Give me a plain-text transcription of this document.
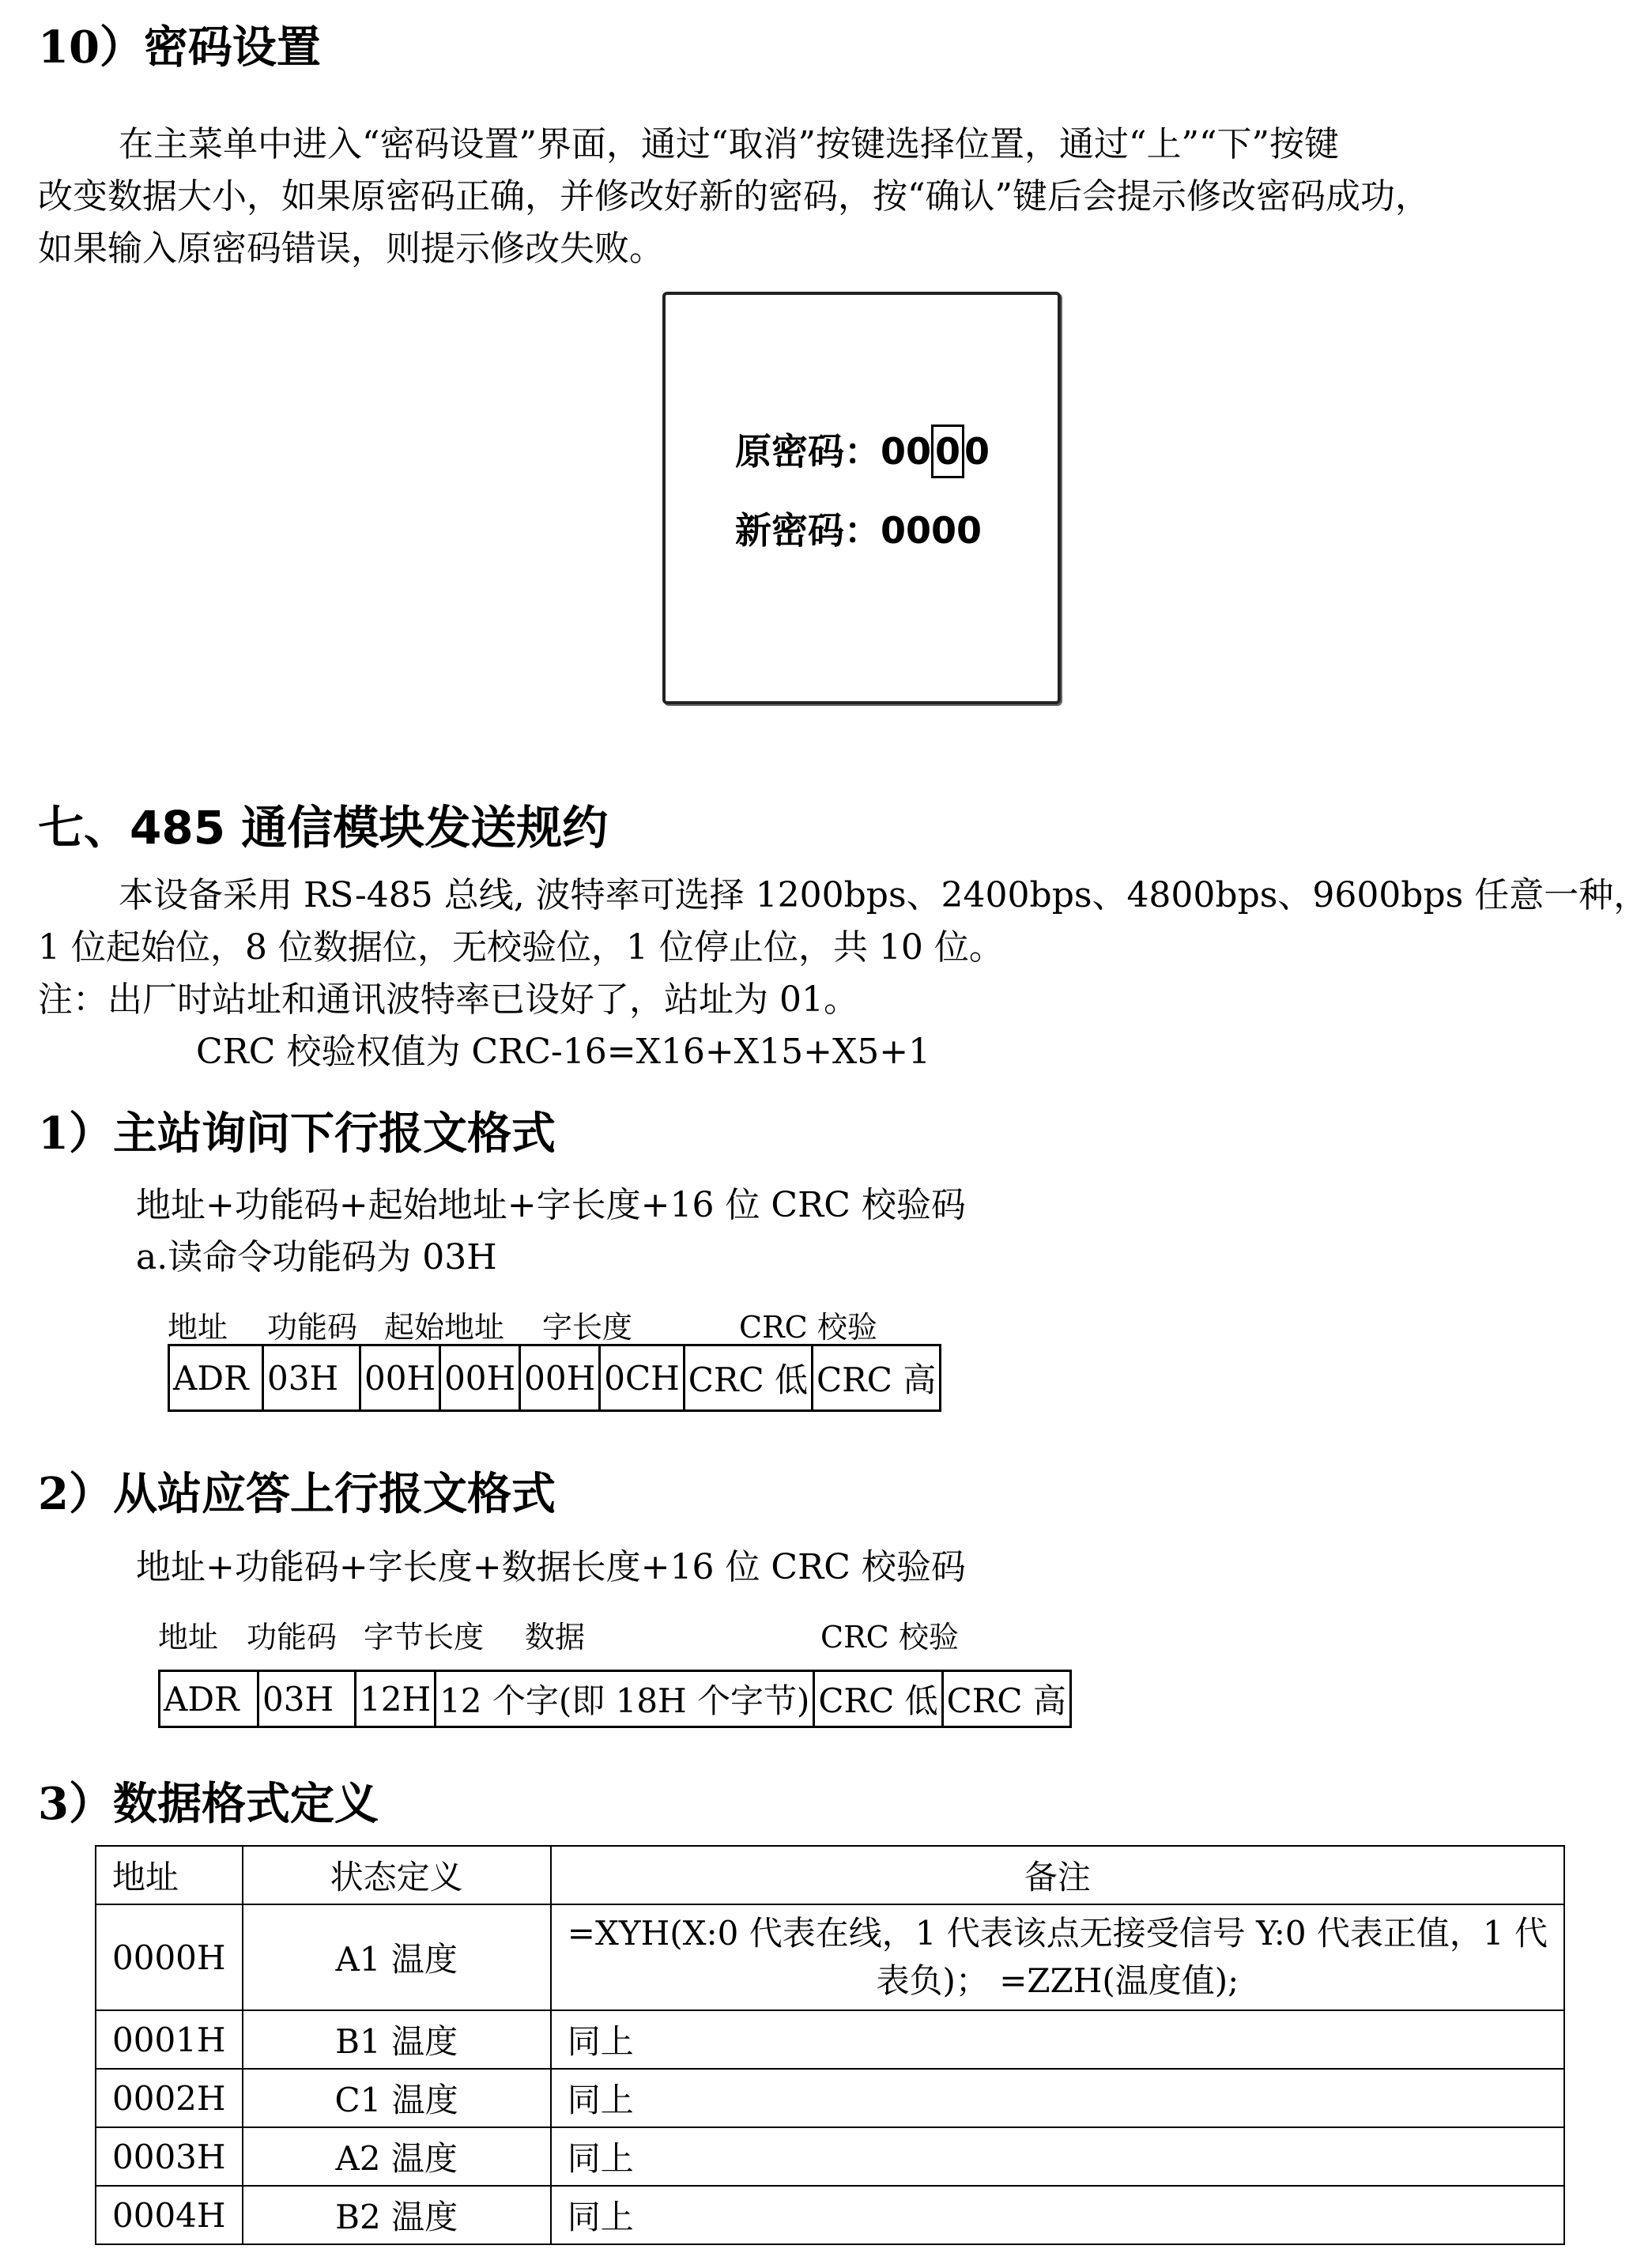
10）密码设置
在主菜单中进入“密码设置”界面，通过“取消”按键选择位置，通过“上”“下”按键
改变数据大小，如果原密码正确，并修改好新的密码，按“确认”键后会提示修改密码成功，
如果输入原密码错误，则提示修改失败。
原密码：00 0 0
新密码：0000
七、485 通信模块发送规约
本设备采用 RS-485 总线, 波特率可选择 1200bps、2400bps、4800bps、9600bps 任意一种，
1 位起始位，8 位数据位，无校验位，1 位停止位，共 10 位。
注：出厂时站址和通讯波特率已设好了，站址为 01。
CRC 校验权值为 CRC-16=X16+X15+X5+1
1）主站询问下行报文格式
地址+功能码+起始地址+字长度+16 位 CRC 校验码
a.读命令功能码为 03H
地址 功能码 起始地址 字长度	CRC 校验
ADR	03H	00H	00H	00H	0CH	CRC 低	CRC 高
2）从站应答上行报文格式
地址+功能码+字长度+数据长度+16 位 CRC 校验码
地址 功能码 字节长度 数据	CRC 校验
ADR	03H	12H	12 个字(即 18H 个字节)	CRC 低	CRC 高
3）数据格式定义
地址	状态定义	备注
0000H	A1 温度	=XYH(X:0 代表在线，1 代表该点无接受信号 Y:0 代表正值，1 代
表负)； =ZZH(温度值);

0001H	B1 温度	同上
0002H	C1 温度	同上
0003H	A2 温度	同上
0004H	B2 温度	同上
